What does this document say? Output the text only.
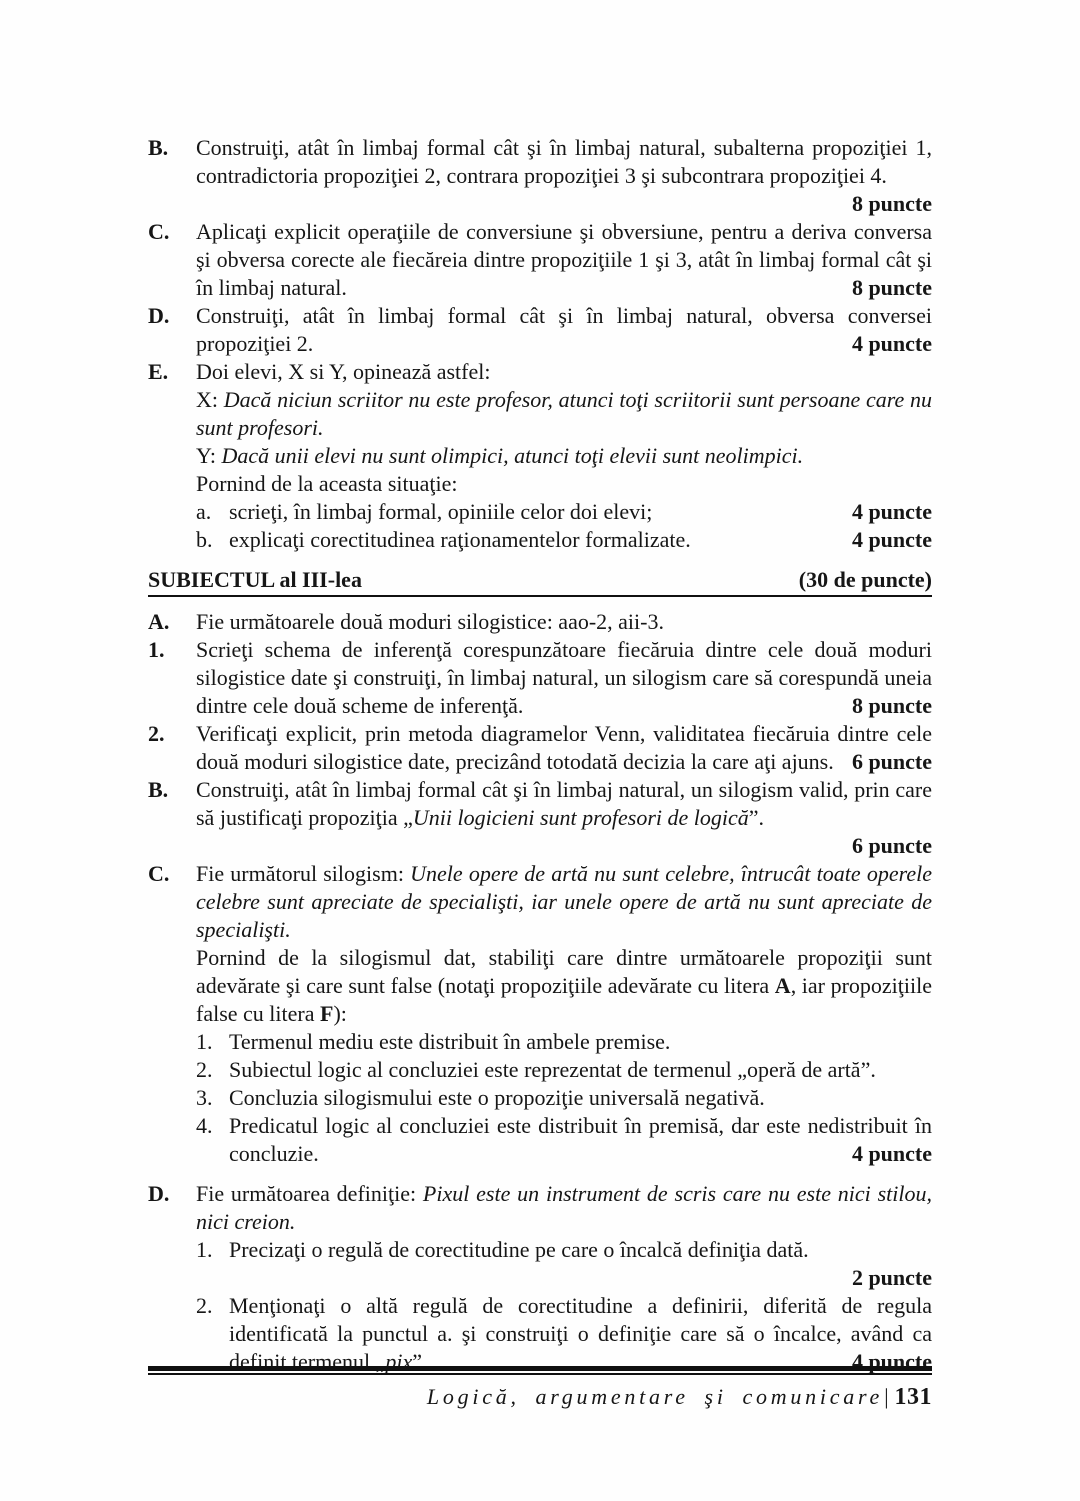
B.	Construiţi, atât în limbaj formal cât şi în limbaj natural, subalterna propoziţiei 1, contradictoria propoziţiei 2, contrara propoziţiei 3 şi subcontrara propoziţiei 4.
8 puncte

C.	Aplicaţi explicit operaţiile de conversiune şi obversiune, pentru a deriva conversa şi obversa corecte ale fiecăreia dintre propoziţiile 1 şi 3, atât în limbaj formal cât şi în limbaj natural.	8 puncte

D.	Construiţi, atât în limbaj formal cât şi în limbaj natural, obversa conversei propoziţiei 2.	4 puncte

E.	Doi elevi, X si Y, opinează astfel:

X: Dacă niciun scriitor nu este profesor, atunci toţi scriitorii sunt persoane care nu sunt profesori.

Y: Dacă unii elevi nu sunt olimpici, atunci toţi elevii sunt neolimpici.

Pornind de la aceasta situaţie:

a. scrieţi, în limbaj formal, opiniile celor doi elevi;	4 puncte
b. explicaţi corectitudinea raţionamentelor formalizate.	4 puncte
SUBIECTUL al III-lea	(30 de puncte)
A.	Fie următoarele două moduri silogistice: aao-2, aii-3.

1.	Scrieţi schema de inferenţă corespunzătoare fiecăruia dintre cele două moduri silogistice date şi construiţi, în limbaj natural, un silogism care să corespundă uneia dintre cele două scheme de inferenţă.	8 puncte

2.	Verificaţi explicit, prin metoda diagramelor Venn, validitatea fiecăruia dintre cele două moduri silogistice date, precizând totodată decizia la care aţi ajuns. 6 puncte

B.	Construiţi, atât în limbaj formal cât şi în limbaj natural, un silogism valid, prin care să justificaţi propoziţia „Unii logicieni sunt profesori de logică”.

6 puncte
C.	Fie următorul silogism: Unele opere de artă nu sunt celebre, întrucât toate operele celebre sunt apreciate de specialişti, iar unele opere de artă nu sunt apreciate de specialişti.

Pornind de la silogismul dat, stabiliţi care dintre următoarele propoziţii sunt adevărate şi care sunt false (notaţi propoziţiile adevărate cu litera A, iar propoziţiile false cu litera F):

1. Termenul mediu este distribuit în ambele premise.
2. Subiectul logic al concluziei este reprezentat de termenul „operă de artă”.
3. Concluzia silogismului este o propoziţie universală negativă.
4. Predicatul logic al concluziei este distribuit în premisă, dar este nedistribuit în concluzie.	4 puncte
D.	Fie următoarea definiţie: Pixul este un instrument de scris care nu este nici stilou, nici creion.

1. Precizaţi o regulă de corectitudine pe care o încalcă definiţia dată.
2 puncte
2. Menţionaţi o altă regulă de corectitudine a definirii, diferită de regula identificată la punctul a. şi construiţi o definiţie care să o încalce, având ca definit termenul „pix”.	4 puncte
Logică, argumentare şi comunicare| 131
